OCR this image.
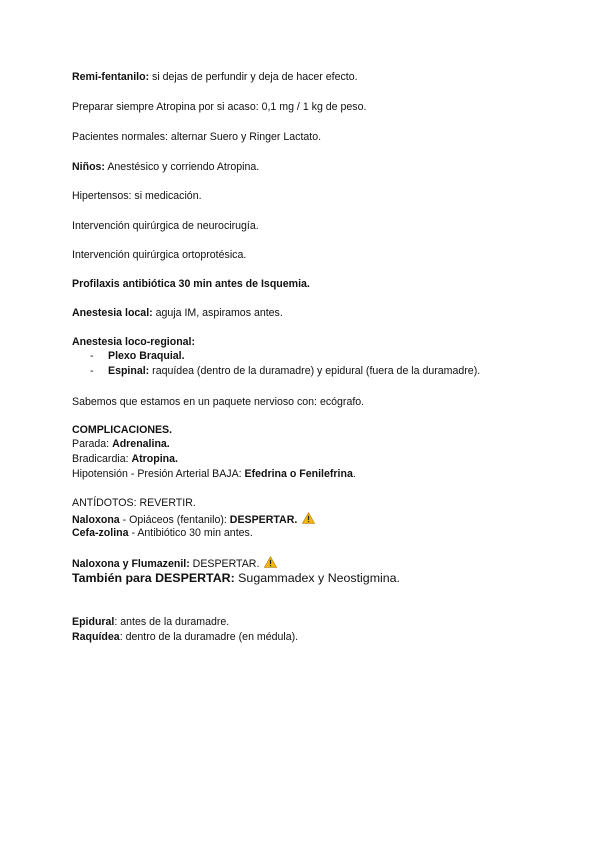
Remi-fentanilo: si dejas de perfundir y deja de hacer efecto.
Preparar siempre Atropina por si acaso: 0,1 mg / 1 kg de peso.
Pacientes normales: alternar Suero y Ringer Lactato.
Niños: Anestésico y corriendo Atropina.
Hipertensos: si medicación.
Intervención quirúrgica de neurocirugía.
Intervención quirúrgica ortoprotésica.
Profilaxis antibiótica 30 min antes de Isquemia.
Anestesia local: aguja IM, aspiramos antes.
Anestesia loco-regional:
- Plexo Braquial.
- Espinal: raquídea (dentro de la duramadre) y epidural (fuera de la duramadre).
Sabemos que estamos en un paquete nervioso con: ecógrafo.
COMPLICACIONES.
Parada: Adrenalina.
Bradicardia: Atropina.
Hipotensión - Presión Arterial BAJA: Efedrina o Fenilefrina.
ANTÍDOTOS: REVERTIR.
Naloxona - Opiáceos (fentanilo): DESPERTAR.
Cefa-zolina - Antibiótico 30 min antes.
Naloxona y Flumazenil: DESPERTAR.
También para DESPERTAR: Sugammadex y Neostigmina.
Epidural: antes de la duramadre.
Raquídea: dentro de la duramadre (en médula).
